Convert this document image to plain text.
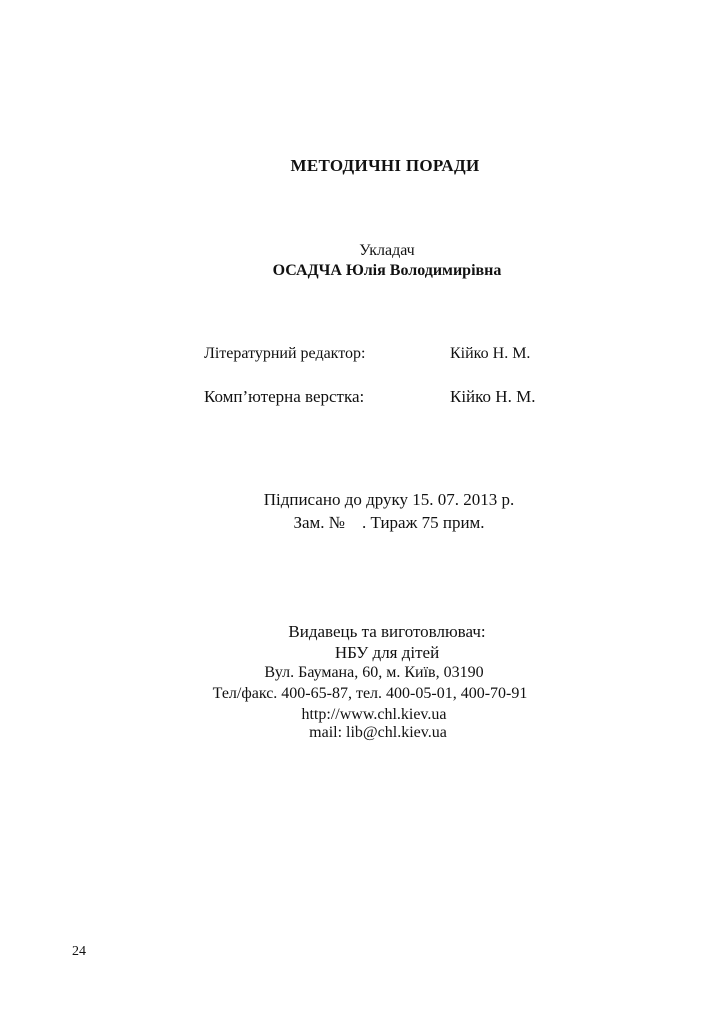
МЕТОДИЧНІ ПОРАДИ
Укладач
ОСАДЧА Юлія Володимирівна
Літературний редактор:	Кійко Н. М.
Комп’ютерна верстка:	Кійко Н. М.
Підписано до друку 15. 07. 2013 р.
Зам. №    . Тираж 75 прим.
Видавець та виготовлювач:
НБУ для дітей
Вул. Баумана, 60, м. Київ, 03190
Тел/факс. 400-65-87, тел. 400-05-01, 400-70-91
http://www.chl.kiev.ua
mail: lib@chl.kiev.ua
24
